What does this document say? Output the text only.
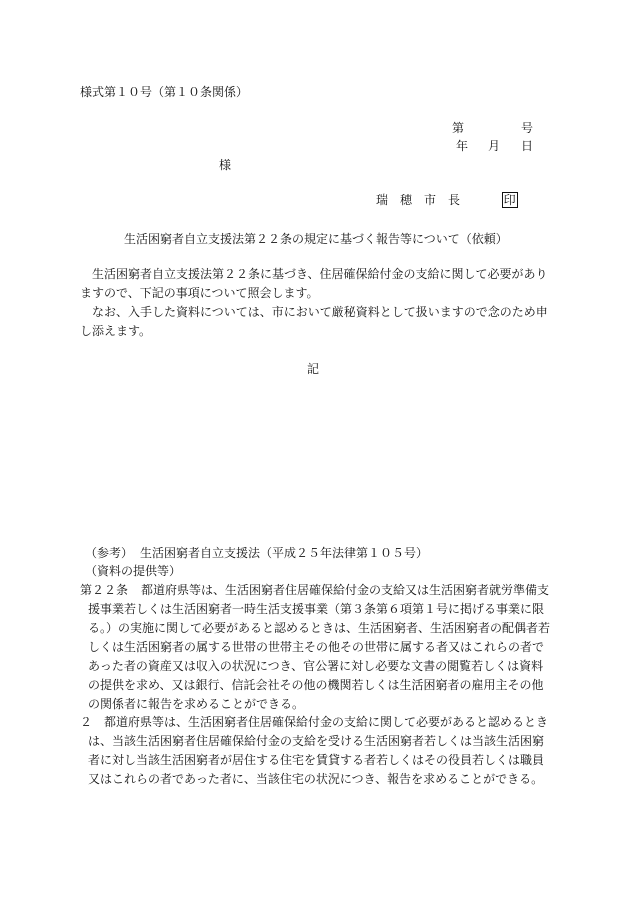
様式第１０号（第１０条関係）
第	号
年 月 日
様
瑞　穂　市　長	印
生活困窮者自立支援法第２２条の規定に基づく報告等について（依頼）
生活困窮者自立支援法第２２条に基づき、住居確保給付金の支給に関して必要がありますので、下記の事項について照会します。
なお、入手した資料については、市において厳秘資料として扱いますので念のため申し添えます。
記
（参考） 生活困窮者自立支援法（平成２５年法律第１０５号）
（資料の提供等）
第２２条	都道府県等は、生活困窮者住居確保給付金の支給又は生活困窮者就労準備支援事業若しくは生活困窮者一時生活支援事業（第３条第６項第１号に掲げる事業に限る。）の実施に関して必要があると認めるときは、生活困窮者、生活困窮者の配偶者若しくは生活困窮者の属する世帯の世帯主その他その世帯に属する者又はこれらの者であった者の資産又は収入の状況につき、官公署に対し必要な文書の閲覧若しくは資料の提供を求め、又は銀行、信託会社その他の機関若しくは生活困窮者の雇用主その他の関係者に報告を求めることができる。
２ 都道府県等は、生活困窮者住居確保給付金の支給に関して必要があると認めるときは、当該生活困窮者住居確保給付金の支給を受ける生活困窮者若しくは当該生活困窮者に対し当該生活困窮者が居住する住宅を賃貸する者若しくはその役員若しくは職員又はこれらの者であった者に、当該住宅の状況につき、報告を求めることができる。
